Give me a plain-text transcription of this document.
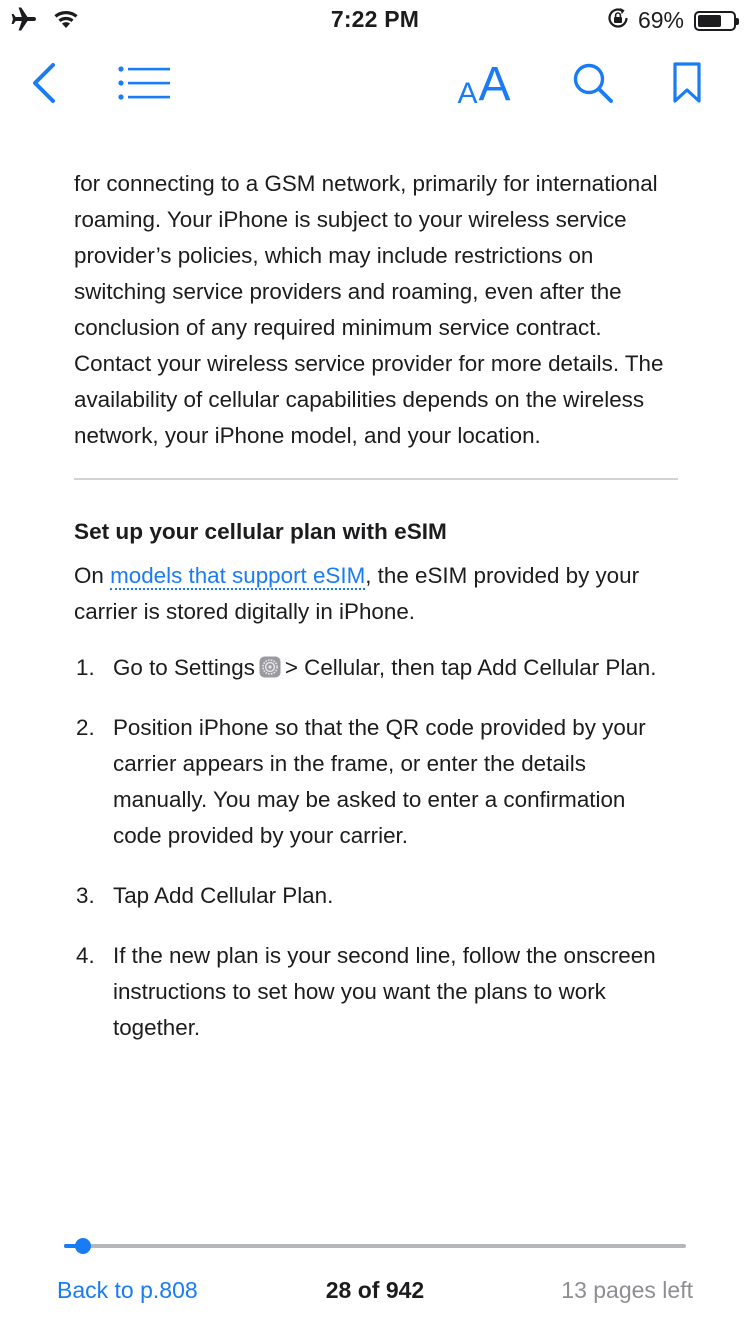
7:22 PM	69%
A A

for connecting to a GSM network, primarily for international roaming. Your iPhone is subject to your wireless service provider’s policies, which may include restrictions on switching service providers and roaming, even after the conclusion of any required minimum service contract. Contact your wireless service provider for more details. The availability of cellular capabilities depends on the wireless network, your iPhone model, and your location.

Set up your cellular plan with eSIM

On models that support eSIM, the eSIM provided by your carrier is stored digitally in iPhone.

1. Go to Settings > Cellular, then tap Add Cellular Plan.
2. Position iPhone so that the QR code provided by your carrier appears in the frame, or enter the details manually. You may be asked to enter a confirmation code provided by your carrier.
3. Tap Add Cellular Plan.
4. If the new plan is your second line, follow the onscreen instructions to set how you want the plans to work together.
Back to p.808	28 of 942	13 pages left
